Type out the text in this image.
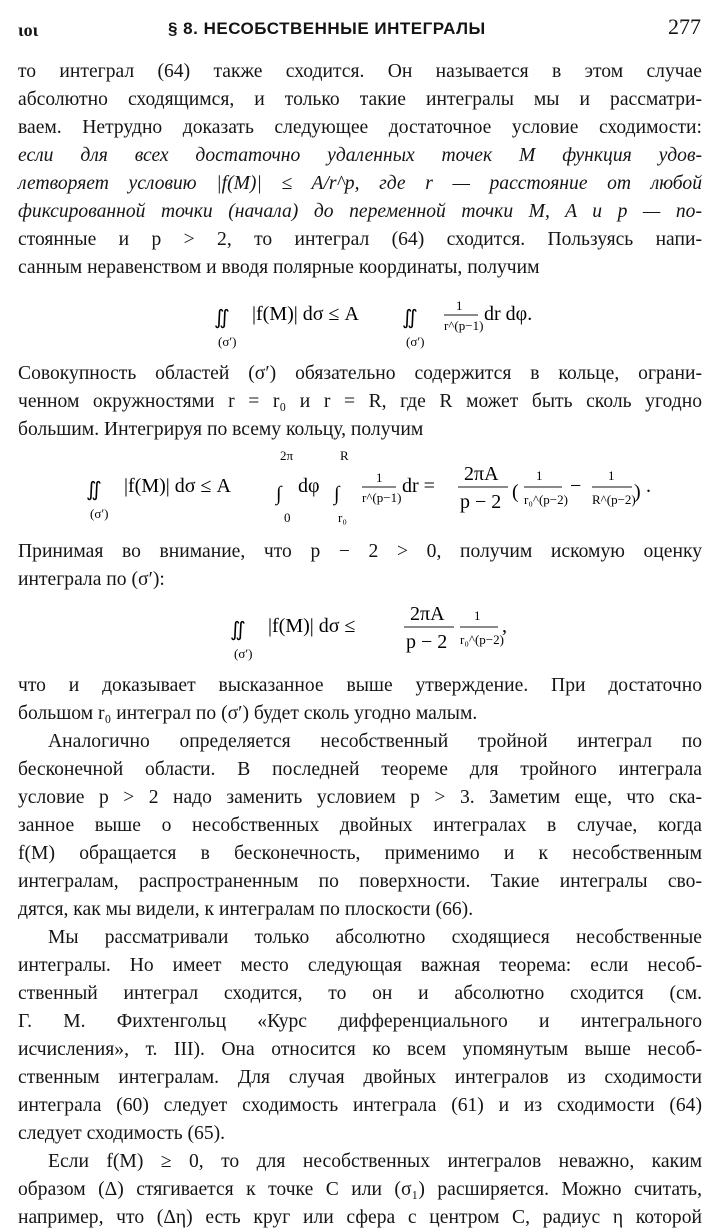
ιοι	§ 8. НЕСОБСТВЕННЫЕ ИНТЕГРАЛЫ	277
то интеграл (64) также сходится. Он называется в этом случае
абсолютно сходящимся, и только такие интегралы мы и рассматри-
ваем. Нетрудно доказать следующее достаточное условие сходимости:
если для всех достаточно удаленных точек M функция удов-
летворяет условию |f(M)| ≤ A/r^p, где r — расстояние от любой
фиксированной точки (начала) до переменной точки M, A и p — по-
стоянные и p > 2, то интеграл (64) сходится. Пользуясь напи-
санным неравенством и вводя полярные координаты, получим
∬
(σ′)
|f(M)| dσ ≤ A ∬
(σ′)
1
r^(p−1)
dr dφ.
Совокупность областей (σ′) обязательно содержится в кольце, ограни-
ченном окружностями r = r₀ и r = R, где R может быть сколь угодно
большим. Интегрируя по всему кольцу, получим
∬
(σ′)
|f(M)| dσ ≤ A
2π
∫
0
dφ
R
∫
r₀
1
r^(p−1)
dr =
2πA
p − 2 (
1
r₀^(p−2)
− 1
R^(p−2)
) .
Принимая во внимание, что p − 2 > 0, получим искомую оценку
интеграла по (σ′):
∬
(σ′)
|f(M)| dσ ≤
2πA
p − 2
1
r₀^(p−2)
,
что и доказывает высказанное выше утверждение. При достаточно
большом r₀ интеграл по (σ′) будет сколь угодно малым.
Аналогично определяется несобственный тройной интеграл по
бесконечной области. В последней теореме для тройного интеграла
условие p > 2 надо заменить условием p > 3. Заметим еще, что ска-
занное выше о несобственных двойных интегралах в случае, когда
f(M) обращается в бесконечность, применимо и к несобственным
интегралам, распространенным по поверхности. Такие интегралы сво-
дятся, как мы видели, к интегралам по плоскости (66).
Мы рассматривали только абсолютно сходящиеся несобственные
интегралы. Но имеет место следующая важная теорема: если несоб-
ственный интеграл сходится, то он и абсолютно сходится (см.
Г. М. Фихтенгольц «Курс дифференциального и интегрального
исчисления», т. III). Она относится ко всем упомянутым выше несоб-
ственным интегралам. Для случая двойных интегралов из сходимости
интеграла (60) следует сходимость интеграла (61) и из сходимости (64)
следует сходимость (65).
Если f(M) ≥ 0, то для несобственных интегралов неважно, каким
образом (Δ) стягивается к точке C или (σ₁) расширяется. Можно считать,
например, что (Δη) есть круг или сфера с центром C, радиус η которой
